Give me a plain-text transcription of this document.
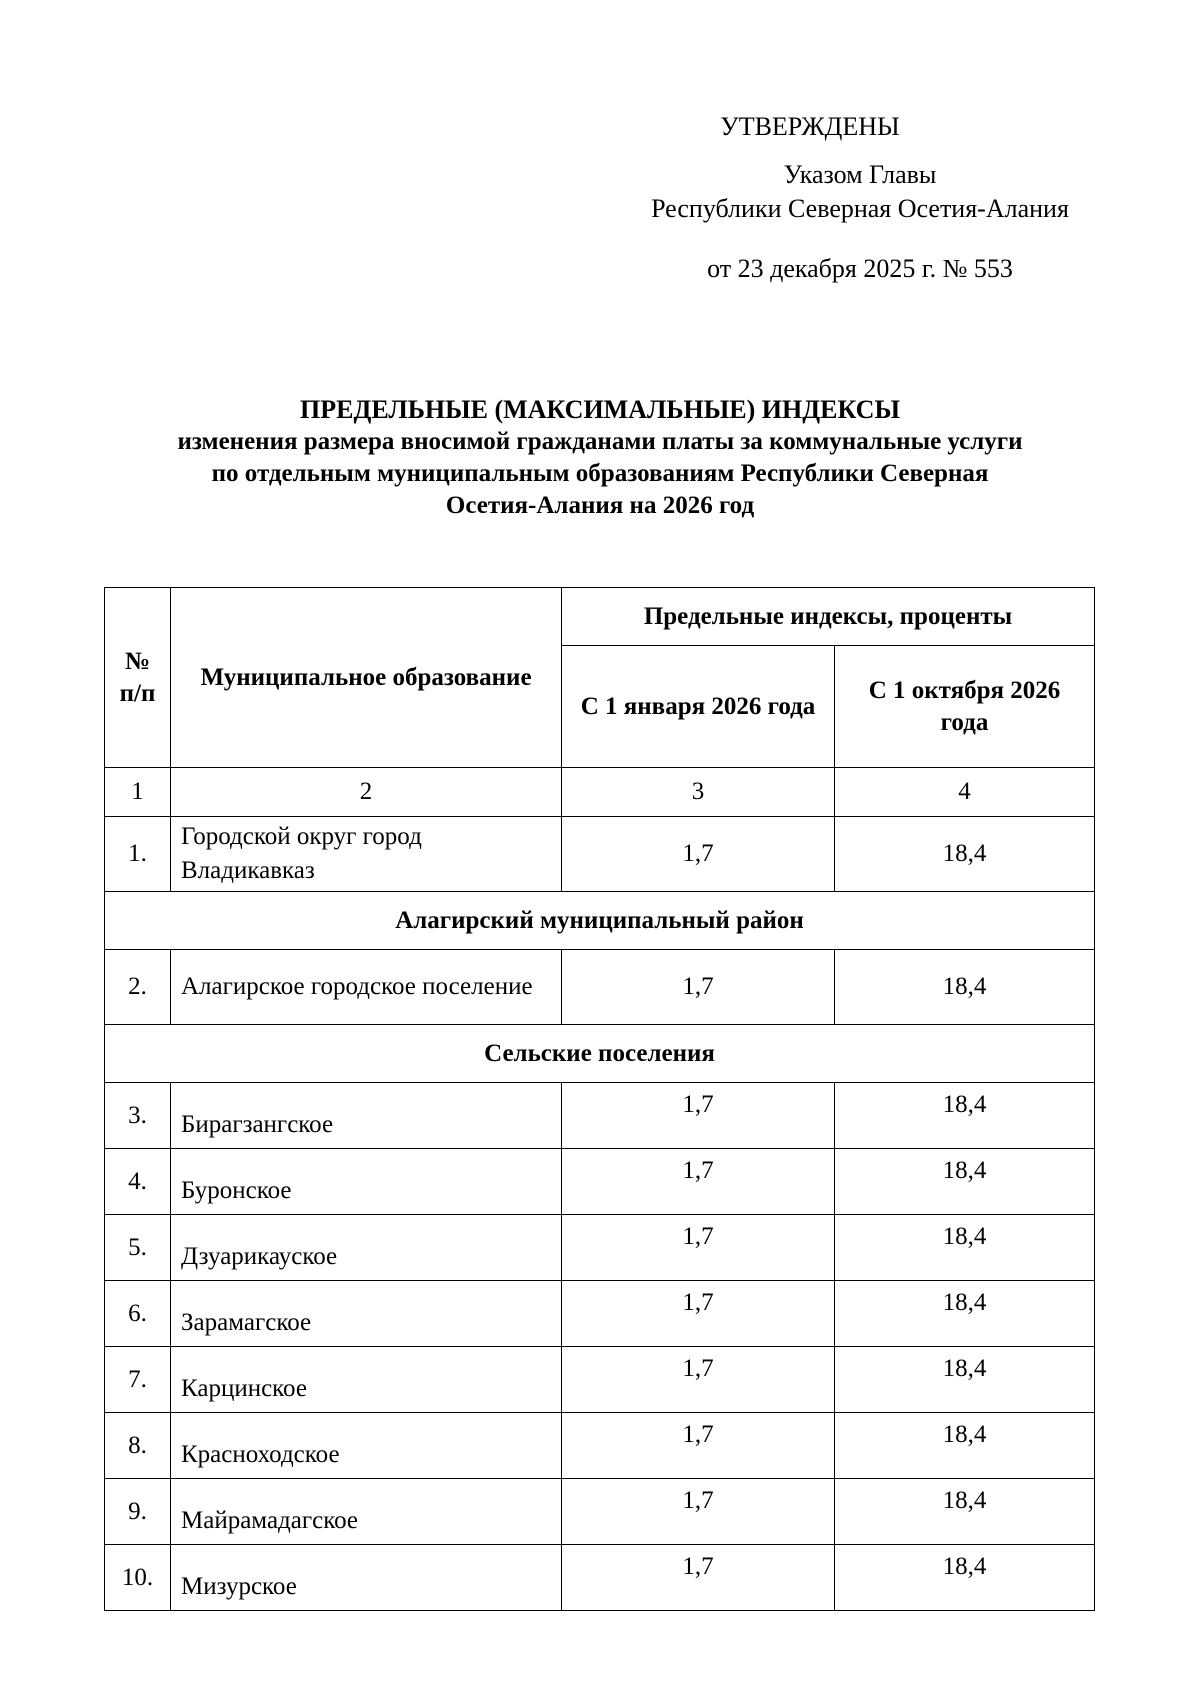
УТВЕРЖДЕНЫ
Указом Главы
Республики Северная Осетия-Алания
от 23 декабря 2025 г. № 553
ПРЕДЕЛЬНЫЕ (МАКСИМАЛЬНЫЕ) ИНДЕКСЫ
изменения размера вносимой гражданами платы за коммунальные услуги
по отдельным муниципальным образованиям Республики Северная
Осетия-Алания на 2026 год
№ п/п	Муниципальное образование	Предельные индексы, проценты	
		С 1 января 2026 года	С 1 октября 2026 года
1	2	3	4
1.	Городской округ город Владикавказ	1,7	18,4
Алагирский муниципальный район			
2.	Алагирское городское поселение	1,7	18,4
Сельские поселения			
3.	Бирагзангское	1,7	18,4
4.	Буронское	1,7	18,4
5.	Дзуарикауское	1,7	18,4
6.	Зарамагское	1,7	18,4
7.	Карцинское	1,7	18,4
8.	Красноходское	1,7	18,4
9.	Майрамадагское	1,7	18,4
10.	Мизурское	1,7	18,4
